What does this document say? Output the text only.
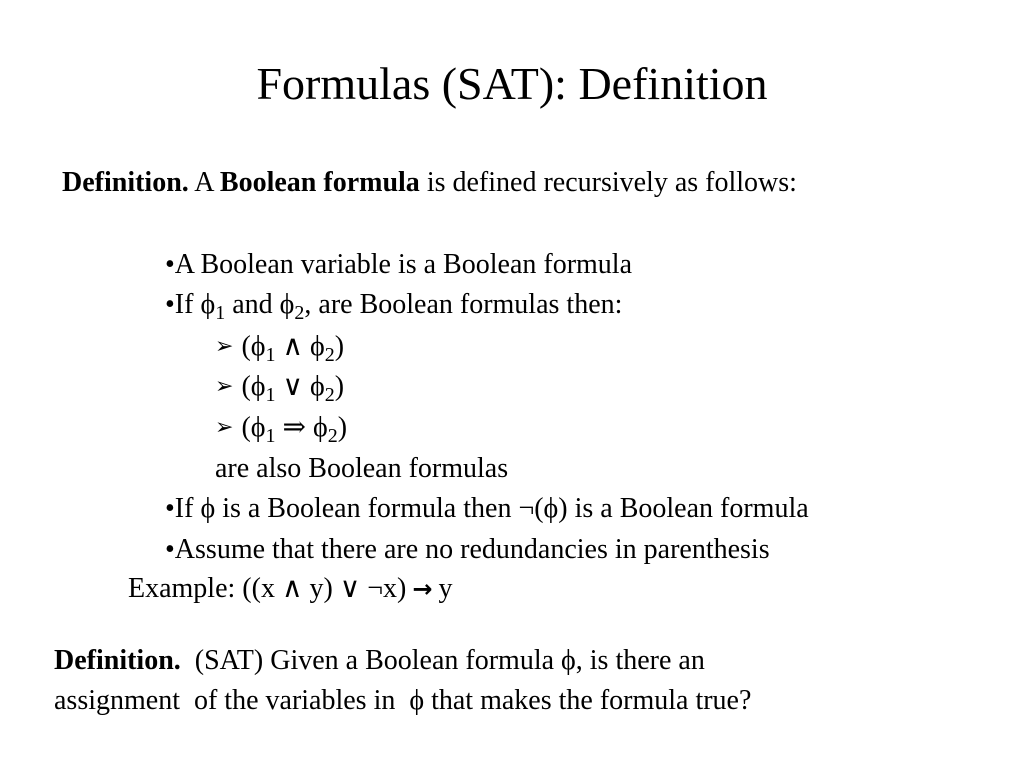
Formulas (SAT): Definition
Definition. A Boolean formula is defined recursively as follows:
•A Boolean variable is a Boolean formula
•If $\phi_1$ and $\phi_2$, are Boolean formulas then:
➢ ($\phi_1$ ∧ $\phi_2$)
➢ ($\phi_1$ ∨ $\phi_2$)
➢ ($\phi_1$ ⇒ $\phi_2$)
are also Boolean formulas
•If ϕ is a Boolean formula then ¬(ϕ) is a Boolean formula
•Assume that there are no redundancies in parenthesis
Example: ((x ∧ y) ∨ ¬x) → y
Definition.  (SAT) Given a Boolean formula ϕ, is there an
assignment  of the variables in  ϕ that makes the formula true?
